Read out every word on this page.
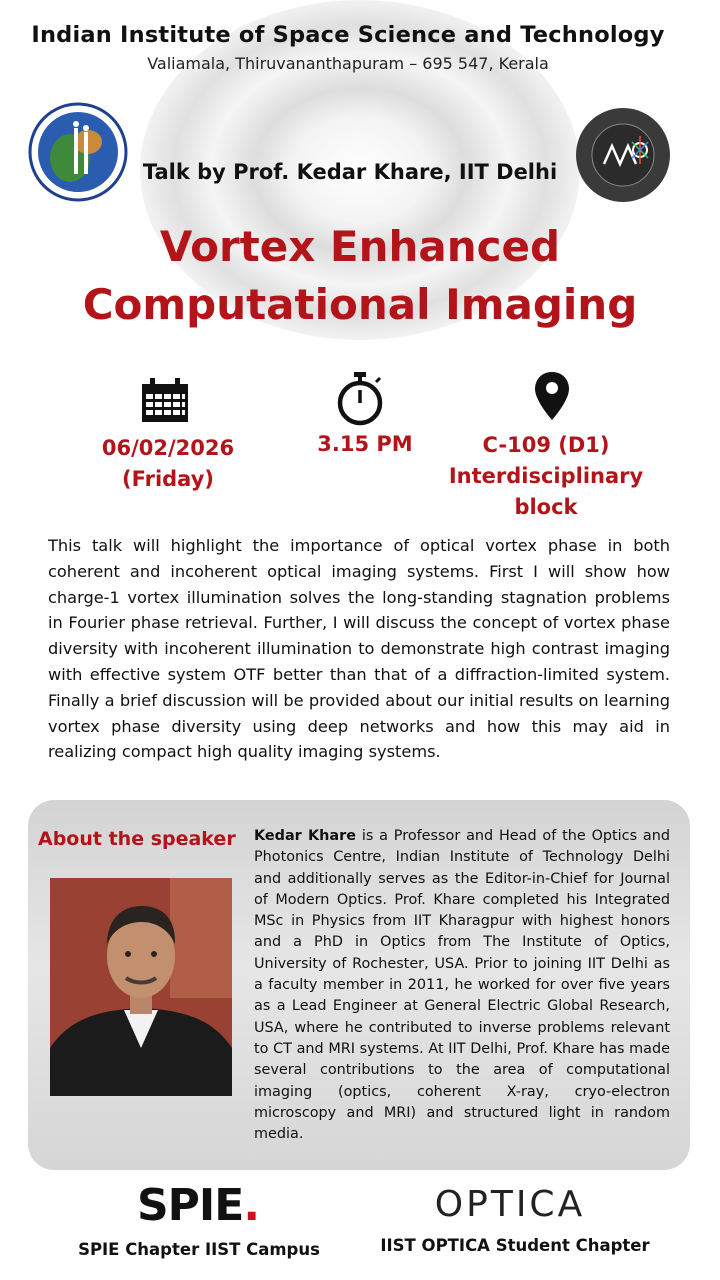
Indian Institute of Space Science and Technology
Valiamala, Thiruvananthapuram – 695 547, Kerala
Talk by Prof. Kedar Khare, IIT Delhi
Vortex Enhanced
Computational Imaging
06/02/2026
(Friday)
3.15 PM	C-109 (D1)
Interdisciplinary
block
This talk will highlight the importance of optical vortex phase in both coherent and incoherent optical imaging systems. First I will show how charge-1 vortex illumination solves the long-standing stagnation problems in Fourier phase retrieval. Further, I will discuss the concept of vortex phase diversity with incoherent illumination to demonstrate high contrast imaging with effective system OTF better than that of a diffraction-limited system. Finally a brief discussion will be provided about our initial results on learning vortex phase diversity using deep networks and how this may aid in realizing compact high quality imaging systems.
About the speaker Kedar Khare is a Professor and Head of the Optics and Photonics Centre, Indian Institute of Technology Delhi and additionally serves as the Editor-in-Chief for Journal of Modern Optics. Prof. Khare completed his Integrated MSc in Physics from IIT Kharagpur with highest honors and a PhD in Optics from The Institute of Optics, University of Rochester, USA. Prior to joining IIT Delhi as a faculty member in 2011, he worked for over five years as a Lead Engineer at General Electric Global Research, USA, where he contributed to inverse problems relevant to CT and MRI systems. At IIT Delhi, Prof. Khare has made several contributions to the area of computational imaging (optics, coherent X-ray, cryo-electron microscopy and MRI) and structured light in random media.
SPIE.
SPIE Chapter IIST Campus
OPTICA
IIST OPTICA Student Chapter
